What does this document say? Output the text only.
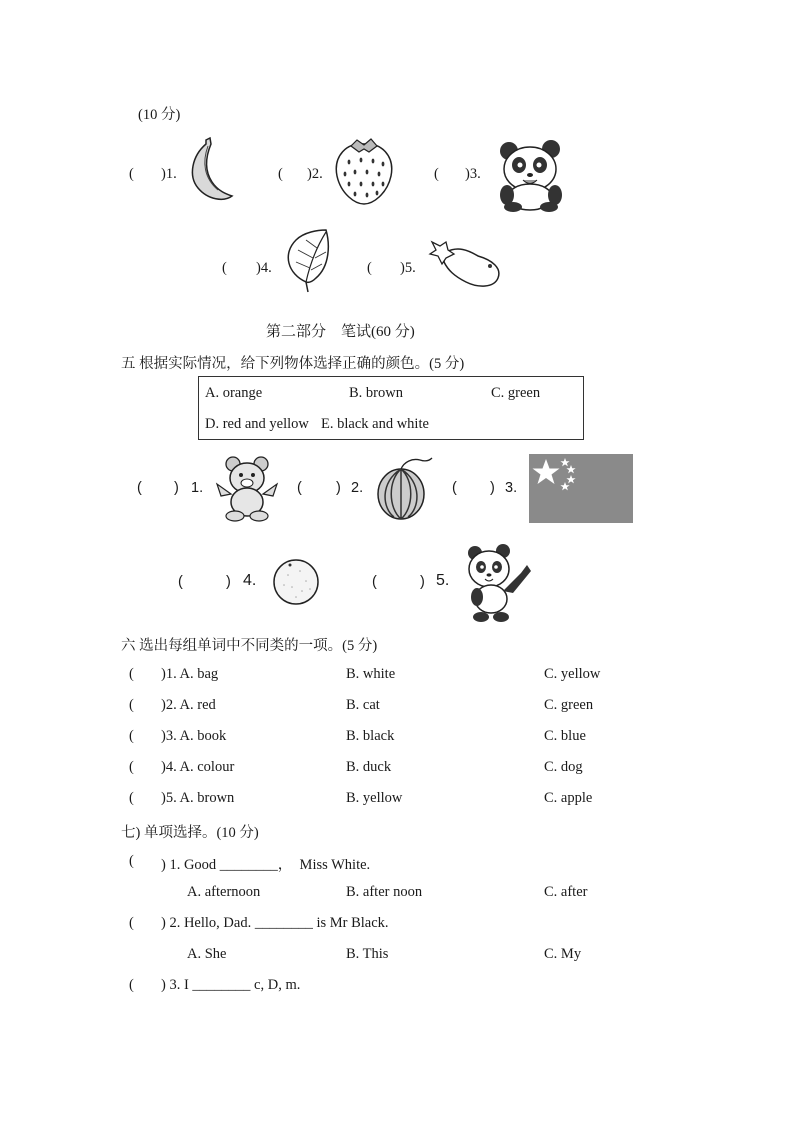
(10 分)
( )1.	( )2.	( )3.
( )4.	( )5.
第二部分　笔试(60 分)
五 根据实际情况，给下列物体选择正确的颜色。(5 分)
A. orange	B. brown	C. green
D. red and yellow E. black and white
( ) 1.	( ) 2.	( ) 3.
(	) 4.	(	) 5.
六 选出每组单词中不同类的一项。(5 分)
( )1. A. bag	B. white	C. yellow
( )2. A. red	B. cat	C. green
( )3. A. book	B. black	C. blue
( )4. A. colour	B. duck	C. dog
( )5. A. brown	B. yellow	C. apple
七) 单项选择。(10 分)
( ) 1. Good ________，  Miss White.
A. afternoon	B. after noon	C. after
( ) 2. Hello, Dad. ________ is Mr Black.
A. She	B. This	C. My
( ) 3. I ________ c, D, m.
